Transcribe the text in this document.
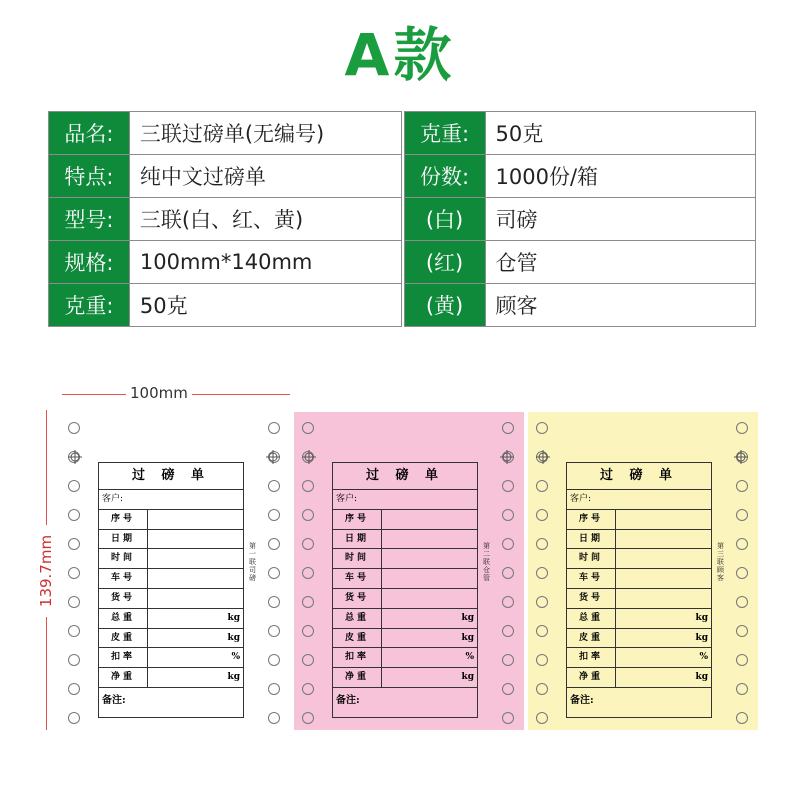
A款
品名:	三联过磅单(无编号)		克重:	50克
特点:	纯中文过磅单		份数:	1000份/箱
型号:	三联(白、红、黄)		(白)	司磅
规格:	100mm*140mm		(红)	仓管
克重:	50克		(黄)	顾客
100mm
139.7mm
过 磅 单
客户:
序号
日期
时间
车号
货号
总重	kg
皮重	kg
扣率	%
净重	kg
备注:
第一联 司磅
过 磅 单
客户:
序号
日期
时间
车号
货号
总重	kg
皮重	kg
扣率	%
净重	kg
备注:
第二联 仓管
过 磅 单
客户:
序号
日期
时间
车号
货号
总重	kg
皮重	kg
扣率	%
净重	kg
备注:
第三联 顾客
